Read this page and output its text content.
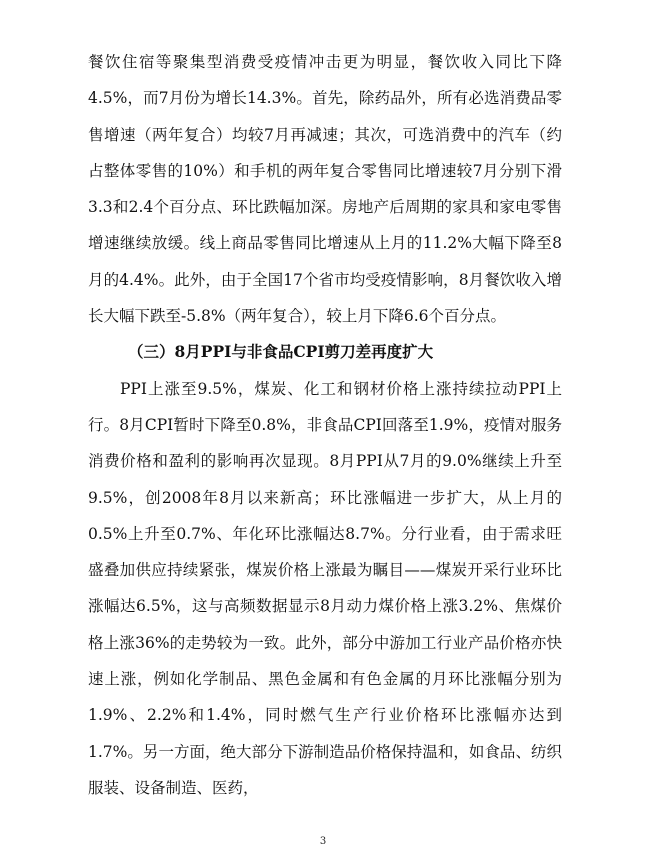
餐饮住宿等聚集型消费受疫情冲击更为明显，餐饮收入同比下降4.5%，而7月份为增长14.3%。首先，除药品外，所有必选消费品零售增速（两年复合）均较7月再减速；其次，可选消费中的汽车（约占整体零售的10%）和手机的两年复合零售同比增速较7月分别下滑3.3和2.4个百分点、环比跌幅加深。房地产后周期的家具和家电零售增速继续放缓。线上商品零售同比增速从上月的11.2%大幅下降至8月的4.4%。此外，由于全国17个省市均受疫情影响，8月餐饮收入增长大幅下跌至-5.8%（两年复合），较上月下降6.6个百分点。

（三）8月PPI与非食品CPI剪刀差再度扩大

PPI上涨至9.5%，煤炭、化工和钢材价格上涨持续拉动PPI上行。8月CPI暂时下降至0.8%，非食品CPI回落至1.9%，疫情对服务消费价格和盈利的影响再次显现。8月PPI从7月的9.0%继续上升至9.5%，创2008年8月以来新高；环比涨幅进一步扩大，从上月的0.5%上升至0.7%、年化环比涨幅达8.7%。分行业看，由于需求旺盛叠加供应持续紧张，煤炭价格上涨最为瞩目——煤炭开采行业环比涨幅达6.5%，这与高频数据显示8月动力煤价格上涨3.2%、焦煤价格上涨36%的走势较为一致。此外，部分中游加工行业产品价格亦快速上涨，例如化学制品、黑色金属和有色金属的月环比涨幅分别为1.9%、2.2%和1.4%，同时燃气生产行业价格环比涨幅亦达到1.7%。另一方面，绝大部分下游制造品价格保持温和，如食品、纺织服装、设备制造、医药，

3
